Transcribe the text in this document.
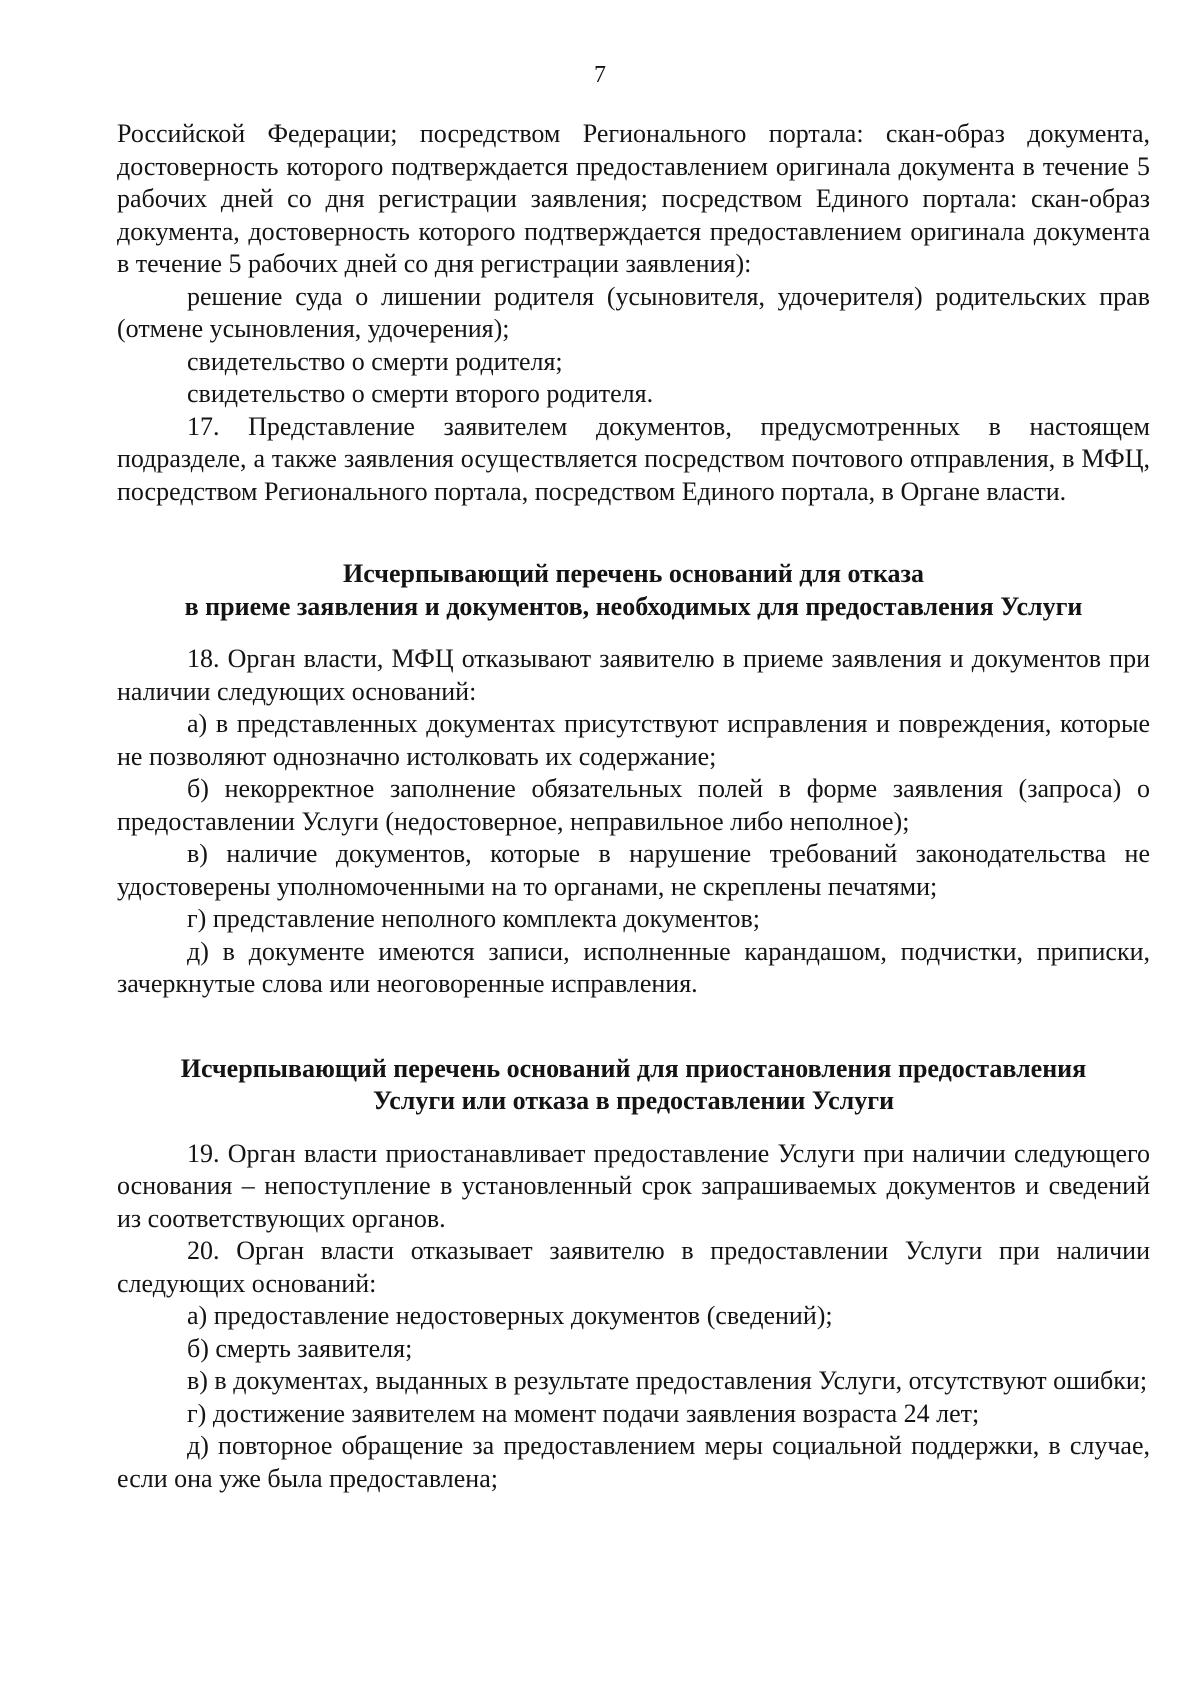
7

Российской Федерации; посредством Регионального портала: скан-образ документа, достоверность которого подтверждается предоставлением оригинала документа в течение 5 рабочих дней со дня регистрации заявления; посредством Единого портала: скан-образ документа, достоверность которого подтверждается предоставлением оригинала документа в течение 5 рабочих дней со дня регистрации заявления):

решение суда о лишении родителя (усыновителя, удочерителя) родительских прав (отмене усыновления, удочерения);

свидетельство о смерти родителя;

свидетельство о смерти второго родителя.

17. Представление заявителем документов, предусмотренных в настоящем подразделе, а также заявления осуществляется посредством почтового отправления, в МФЦ, посредством Регионального портала, посредством Единого портала, в Органе власти.

Исчерпывающий перечень оснований для отказа

в приеме заявления и документов, необходимых для предоставления Услуги

18. Орган власти, МФЦ отказывают заявителю в приеме заявления и документов при наличии следующих оснований:

а) в представленных документах присутствуют исправления и повреждения, которые не позволяют однозначно истолковать их содержание;

б) некорректное заполнение обязательных полей в форме заявления (запроса) о предоставлении Услуги (недостоверное, неправильное либо неполное);

в) наличие документов, которые в нарушение требований законодательства не удостоверены уполномоченными на то органами, не скреплены печатями;

г) представление неполного комплекта документов;

д) в документе имеются записи, исполненные карандашом, подчистки, приписки, зачеркнутые слова или неоговоренные исправления.

Исчерпывающий перечень оснований для приостановления предоставления

Услуги или отказа в предоставлении Услуги

19. Орган власти приостанавливает предоставление Услуги при наличии следующего основания – непоступление в установленный срок запрашиваемых документов и сведений из соответствующих органов.

20. Орган власти отказывает заявителю в предоставлении Услуги при наличии следующих оснований:

а) предоставление недостоверных документов (сведений);

б) смерть заявителя;

в) в документах, выданных в результате предоставления Услуги, отсутствуют ошибки;

г) достижение заявителем на момент подачи заявления возраста 24 лет;

д) повторное обращение за предоставлением меры социальной поддержки, в случае, если она уже была предоставлена;
